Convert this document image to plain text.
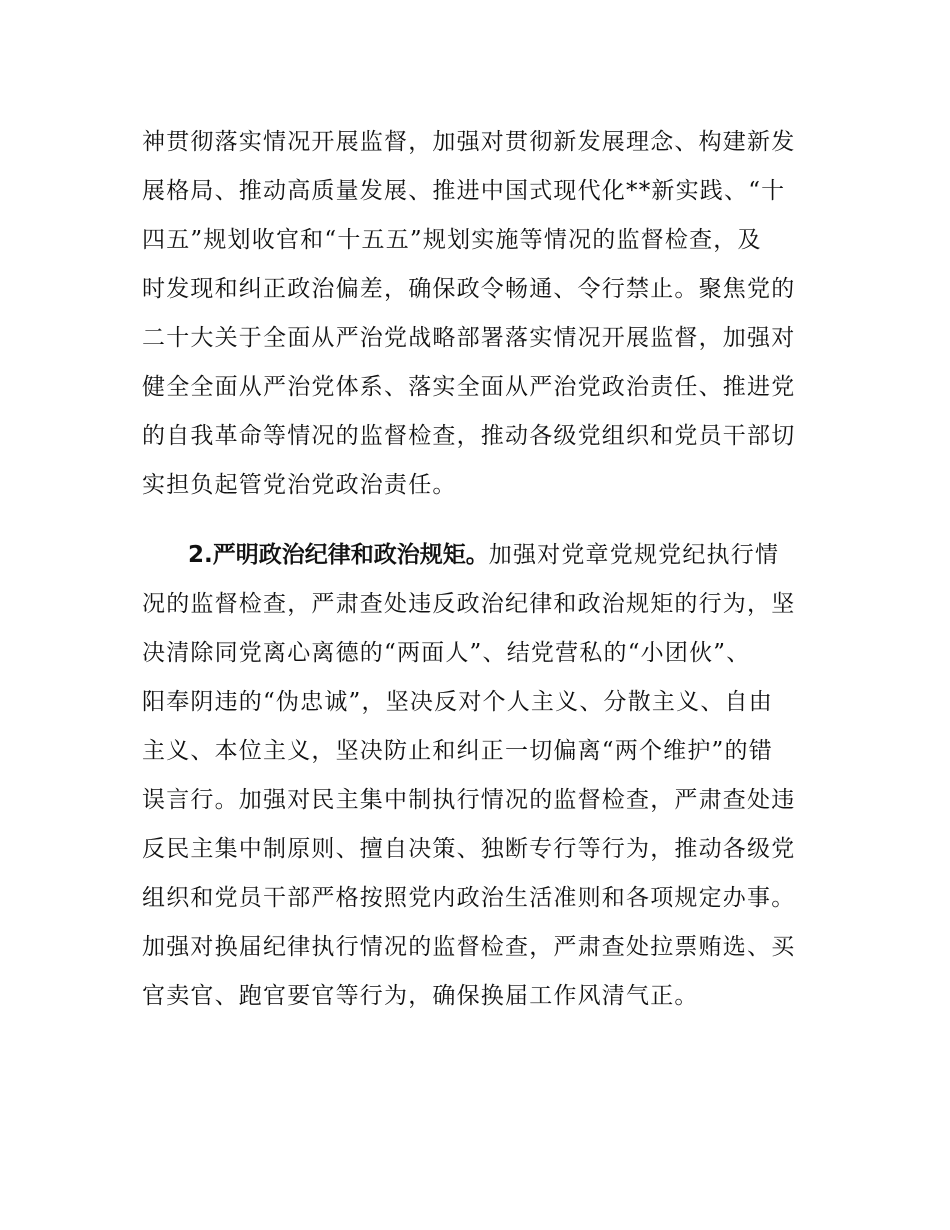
神贯彻落实情况开展监督，加强对贯彻新发展理念、构建新发
展格局、推动高质量发展、推进中国式现代化**新实践、“十
四五”规划收官和“十五五”规划实施等情况的监督检查，及
时发现和纠正政治偏差，确保政令畅通、令行禁止。聚焦党的
二十大关于全面从严治党战略部署落实情况开展监督，加强对
健全全面从严治党体系、落实全面从严治党政治责任、推进党
的自我革命等情况的监督检查，推动各级党组织和党员干部切
实担负起管党治党政治责任。
2.严明政治纪律和政治规矩。加强对党章党规党纪执行情
况的监督检查，严肃查处违反政治纪律和政治规矩的行为，坚
决清除同党离心离德的“两面人”、结党营私的“小团伙”、
阳奉阴违的“伪忠诚”，坚决反对个人主义、分散主义、自由
主义、本位主义，坚决防止和纠正一切偏离“两个维护”的错
误言行。加强对民主集中制执行情况的监督检查，严肃查处违
反民主集中制原则、擅自决策、独断专行等行为，推动各级党
组织和党员干部严格按照党内政治生活准则和各项规定办事。
加强对换届纪律执行情况的监督检查，严肃查处拉票贿选、买
官卖官、跑官要官等行为，确保换届工作风清气正。
